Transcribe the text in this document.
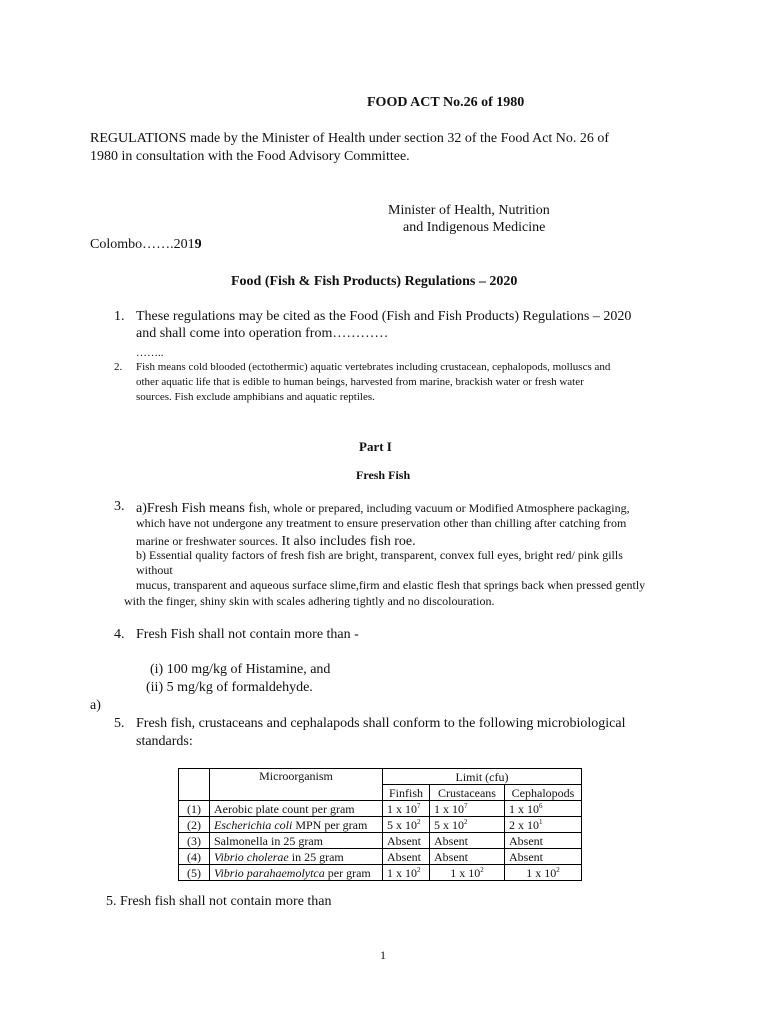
FOOD ACT No.26 of 1980
REGULATIONS made by the Minister of Health under section 32 of the Food Act No. 26 of
1980 in consultation with the Food Advisory Committee.
Minister of Health, Nutrition
and Indigenous Medicine
Colombo…….2019
Food (Fish & Fish Products) Regulations – 2020
1. These regulations may be cited as the Food (Fish and Fish Products) Regulations – 2020
and shall come into operation from…………
……..
2. Fish means cold blooded (ectothermic) aquatic vertebrates including crustacean, cephalopods, molluscs and
other aquatic life that is edible to human beings, harvested from marine, brackish water or fresh water
sources. Fish exclude amphibians and aquatic reptiles.
Part I
Fresh Fish
3. a)Fresh Fish means fish, whole or prepared, including vacuum or Modified Atmosphere packaging,
which have not undergone any treatment to ensure preservation other than chilling after catching from
marine or freshwater sources. It also includes fish roe.
b) Essential quality factors of fresh fish are bright, transparent, convex full eyes, bright red/ pink gills
without
mucus, transparent and aqueous surface slime,firm and elastic flesh that springs back when pressed gently
with the finger, shiny skin with scales adhering tightly and no discolouration.
4. Fresh Fish shall not contain more than -
(i) 100 mg/kg of Histamine, and
(ii) 5 mg/kg of formaldehyde.
a)
5. Fresh fish, crustaceans and cephalapods shall conform to the following microbiological
standards:
	Microorganism	Limit (cfu)		
		Finfish	Crustaceans	Cephalopods
(1)	Aerobic plate count per gram	1 x $10^7$	1 x $10^7$	1 x $10^6$
(2)	Escherichia coli MPN per gram	5 x $10^2$	5 x $10^2$	2 x $10^1$
(3)	Salmonella in 25 gram	Absent	Absent	Absent
(4)	Vibrio cholerae in 25 gram	Absent	Absent	Absent
(5)	Vibrio parahaemolytca per gram	1 x $10^2$	1 x $10^2$	1 x $10^2$
5. Fresh fish shall not contain more than
1
